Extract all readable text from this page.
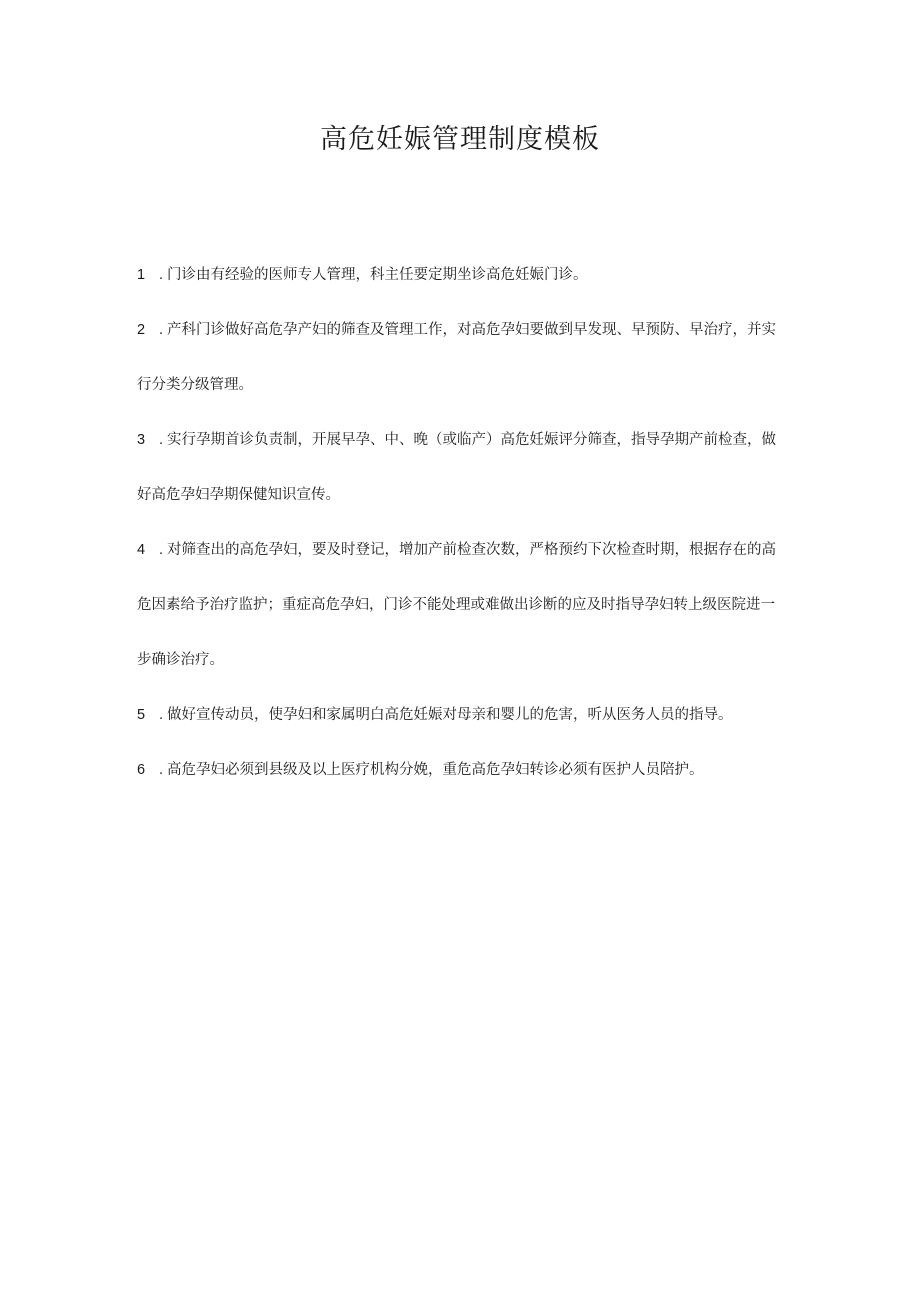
高危妊娠管理制度模板

1 . 门诊由有经验的医师专人管理，科主任要定期坐诊高危妊娠门诊。

2 . 产科门诊做好高危孕产妇的筛查及管理工作，对高危孕妇要做到早发现、早预防、早治疗，并实行分类分级管理。

3 . 实行孕期首诊负责制，开展早孕、中、晚（或临产）高危妊娠评分筛查，指导孕期产前检查，做好高危孕妇孕期保健知识宣传。

4 . 对筛查出的高危孕妇，要及时登记，增加产前检查次数，严格预约下次检查时期，根据存在的高危因素给予治疗监护；重症高危孕妇，门诊不能处理或难做出诊断的应及时指导孕妇转上级医院进一步确诊治疗。

5 . 做好宣传动员，使孕妇和家属明白高危妊娠对母亲和婴儿的危害，听从医务人员的指导。

6 . 高危孕妇必须到县级及以上医疗机构分娩，重危高危孕妇转诊必须有医护人员陪护。
